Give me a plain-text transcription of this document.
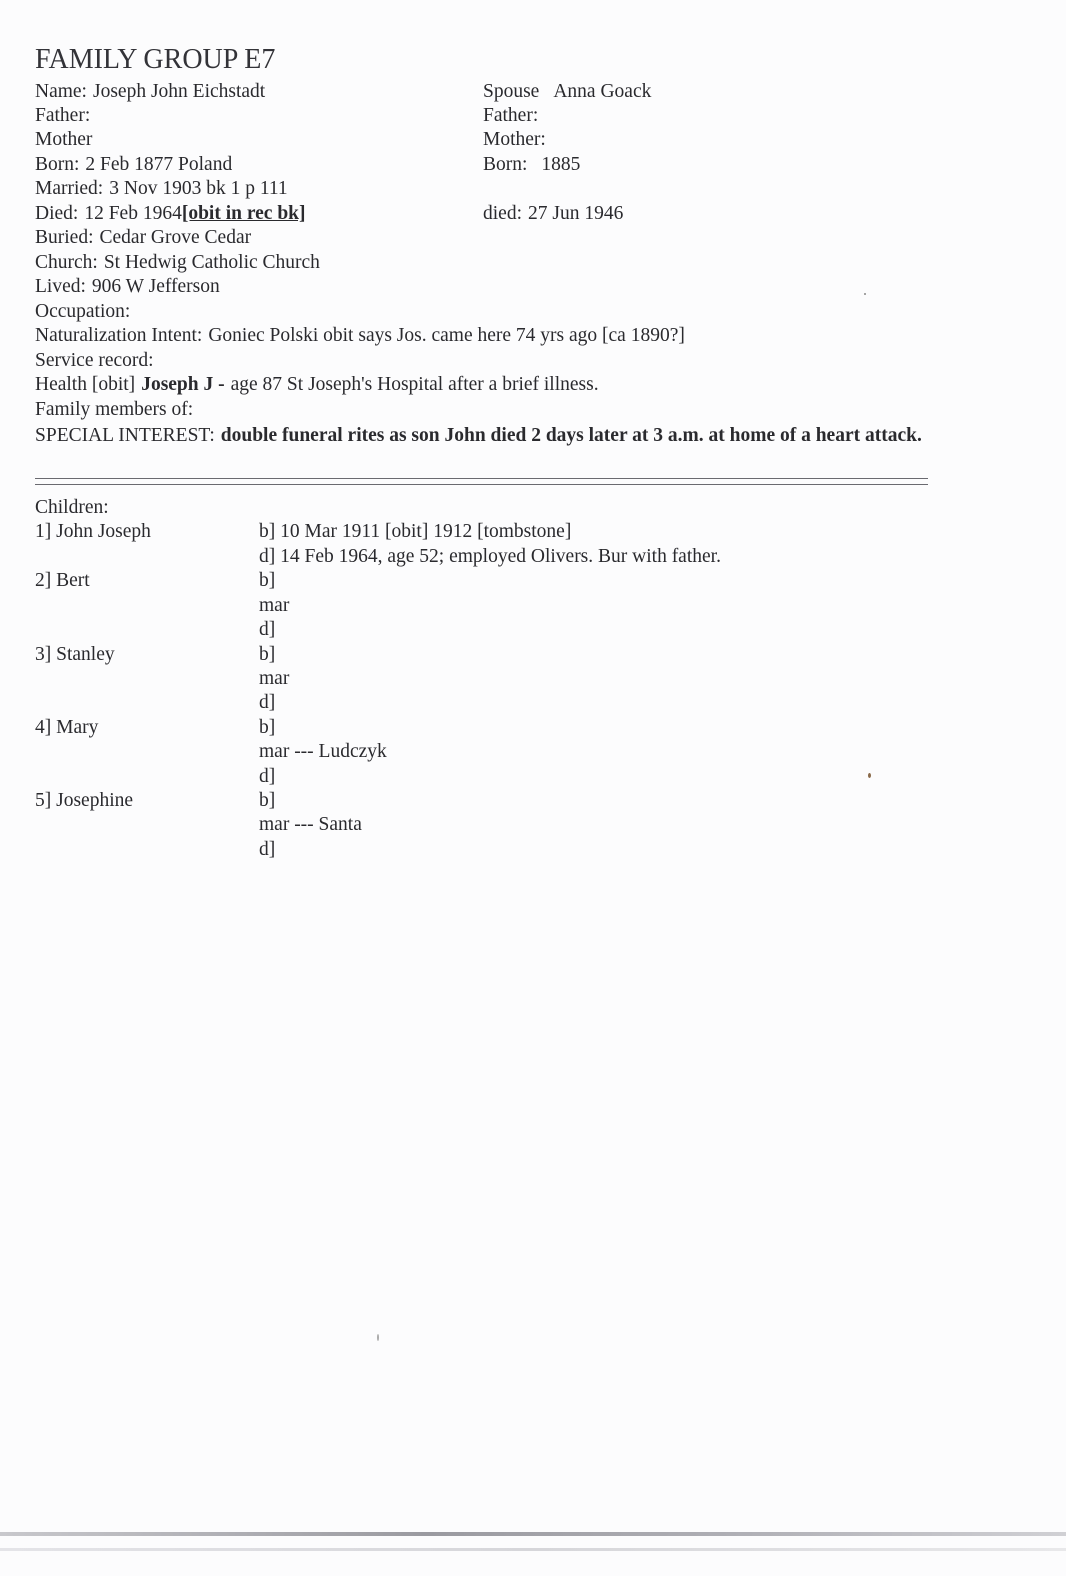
FAMILY GROUP E7
Name: Joseph John Eichstadt
Father:
Mother
Born: 2 Feb 1877 Poland
Married: 3 Nov 1903 bk 1 p 111
Died: 12 Feb 1964[obit in rec bk]
Buried: Cedar Grove Cedar
Church: St Hedwig Catholic Church
Lived: 906 W Jefferson
Occupation:
Naturalization Intent: Goniec Polski obit says Jos. came here 74 yrs ago [ca 1890?]
Service record:
Health [obit] Joseph J - age 87 St Joseph's Hospital after a brief illness.
Family members of:
SPECIAL INTEREST: double funeral rites as son John died 2 days later at 3 a.m. at home of a heart attack.
Spouse Anna Goack
Father:
Mother:
Born: 1885
died: 27 Jun 1946
Children:
1] John Joseph	b] 10 Mar 1911 [obit] 1912 [tombstone]
d] 14 Feb 1964, age 52; employed Olivers. Bur with father.
2] Bert	b]
mar
d]
3] Stanley	b]
mar
d]
4] Mary	b]
mar --- Ludczyk
d]
5] Josephine	b]
mar --- Santa
d]
